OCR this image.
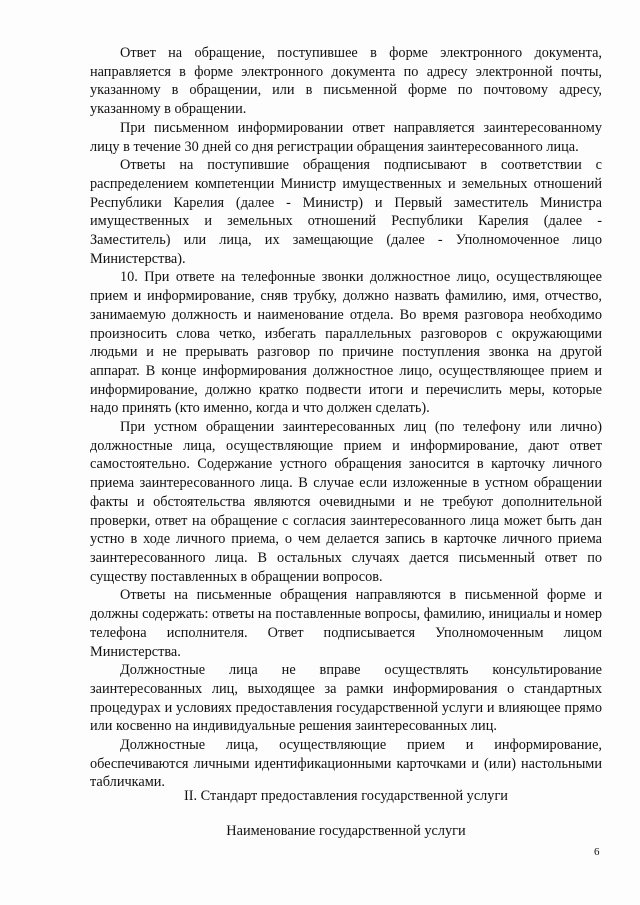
Ответ на обращение, поступившее в форме электронного документа, направляется в форме электронного документа по адресу электронной почты, указанному в обращении, или в письменной форме по почтовому адресу, указанному в обращении.

При письменном информировании ответ направляется заинтересованному лицу в течение 30 дней со дня регистрации обращения заинтересованного лица.

Ответы на поступившие обращения подписывают в соответствии с распределением компетенции Министр имущественных и земельных отношений Республики Карелия (далее - Министр) и Первый заместитель Министра имущественных и земельных отношений Республики Карелия (далее - Заместитель) или лица, их замещающие (далее - Уполномоченное лицо Министерства).

10. При ответе на телефонные звонки должностное лицо, осуществляющее прием и информирование, сняв трубку, должно назвать фамилию, имя, отчество, занимаемую должность и наименование отдела. Во время разговора необходимо произносить слова четко, избегать параллельных разговоров с окружающими людьми и не прерывать разговор по причине поступления звонка на другой аппарат. В конце информирования должностное лицо, осуществляющее прием и информирование, должно кратко подвести итоги и перечислить меры, которые надо принять (кто именно, когда и что должен сделать).

При устном обращении заинтересованных лиц (по телефону или лично) должностные лица, осуществляющие прием и информирование, дают ответ самостоятельно. Содержание устного обращения заносится в карточку личного приема заинтересованного лица. В случае если изложенные в устном обращении факты и обстоятельства являются очевидными и не требуют дополнительной проверки, ответ на обращение с согласия заинтересованного лица может быть дан устно в ходе личного приема, о чем делается запись в карточке личного приема заинтересованного лица. В остальных случаях дается письменный ответ по существу поставленных в обращении вопросов.

Ответы на письменные обращения направляются в письменной форме и должны содержать: ответы на поставленные вопросы, фамилию, инициалы и номер телефона исполнителя. Ответ подписывается Уполномоченным лицом Министерства.

Должностные лица не вправе осуществлять консультирование заинтересованных лиц, выходящее за рамки информирования о стандартных процедурах и условиях предоставления государственной услуги и влияющее прямо или косвенно на индивидуальные решения заинтересованных лиц.

Должностные лица, осуществляющие прием и информирование, обеспечиваются личными идентификационными карточками и (или) настольными табличками.

II. Стандарт предоставления государственной услуги
Наименование государственной услуги
6
